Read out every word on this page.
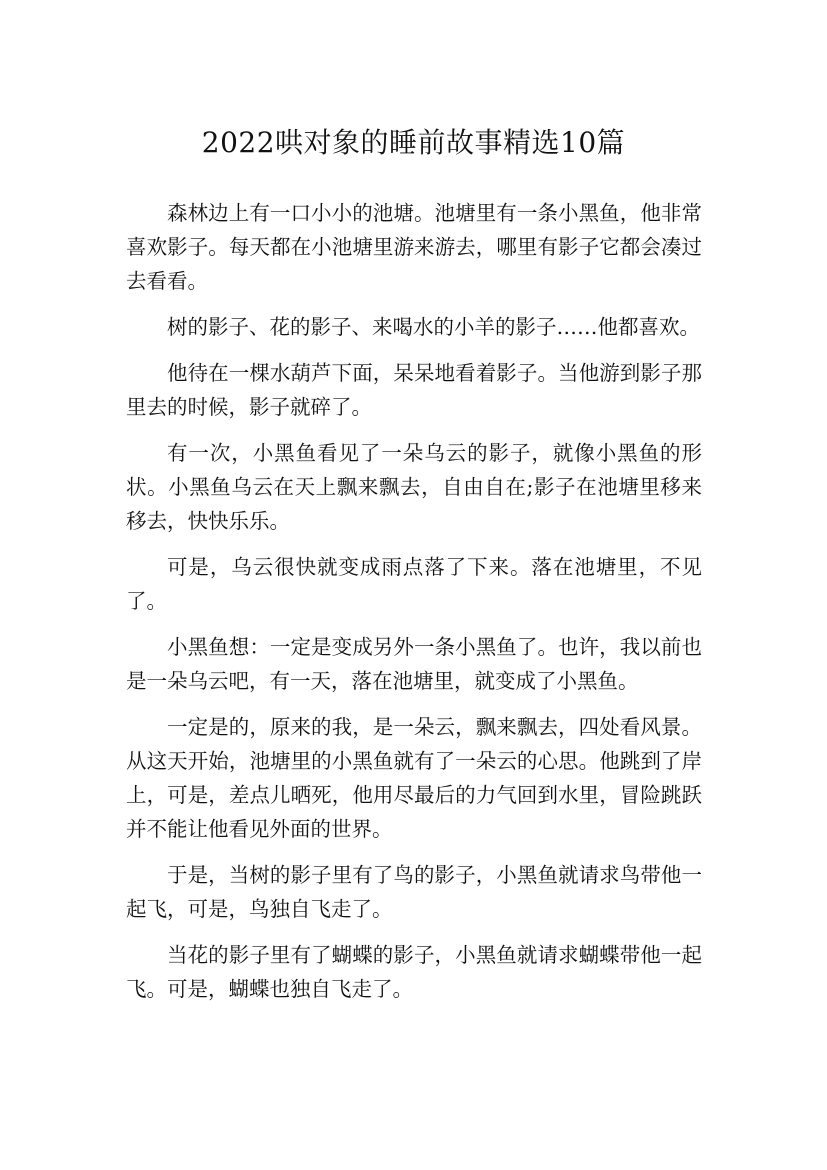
2022哄对象的睡前故事精选10篇

森林边上有一口小小的池塘。池塘里有一条小黑鱼，他非常喜欢影子。每天都在小池塘里游来游去，哪里有影子它都会凑过去看看。

树的影子、花的影子、来喝水的小羊的影子……他都喜欢。

他待在一棵水葫芦下面，呆呆地看着影子。当他游到影子那里去的时候，影子就碎了。

有一次，小黑鱼看见了一朵乌云的影子，就像小黑鱼的形状。小黑鱼乌云在天上飘来飘去，自由自在;影子在池塘里移来移去，快快乐乐。

可是，乌云很快就变成雨点落了下来。落在池塘里，不见了。

小黑鱼想：一定是变成另外一条小黑鱼了。也许，我以前也是一朵乌云吧，有一天，落在池塘里，就变成了小黑鱼。

一定是的，原来的我，是一朵云，飘来飘去，四处看风景。从这天开始，池塘里的小黑鱼就有了一朵云的心思。他跳到了岸上，可是，差点儿晒死，他用尽最后的力气回到水里，冒险跳跃并不能让他看见外面的世界。

于是，当树的影子里有了鸟的影子，小黑鱼就请求鸟带他一起飞，可是，鸟独自飞走了。

当花的影子里有了蝴蝶的影子，小黑鱼就请求蝴蝶带他一起飞。可是，蝴蝶也独自飞走了。
